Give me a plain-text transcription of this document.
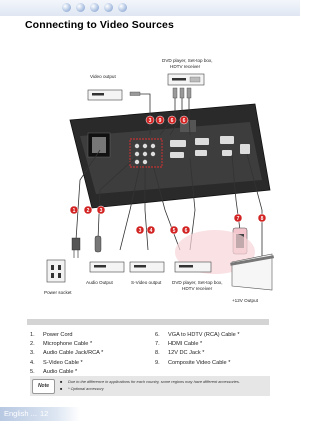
Connecting to Video Sources
DVD player, Set-top box,
HDTV receiver
Video output
Power socket
Audio Output	S-Video output DVD player, Set-top box,
HDTV receiver
+12V Output
3 9 6 6
1 2 3
3 4	5 6
7	8
1. Power Cord
2. Microphone Cable *
3. Audio Cable Jack/RCA *
4. S-Video Cable *
5. Audio Cable *
6. VGA to HDTV (RCA) Cable *
7. HDMI Cable *
8. 12V DC Jack *
9. Composite Video Cable *
Note
■ Due to the difference in applications for each country, some regions may have different accessories.
■ * Optional accessory
English ... 12
